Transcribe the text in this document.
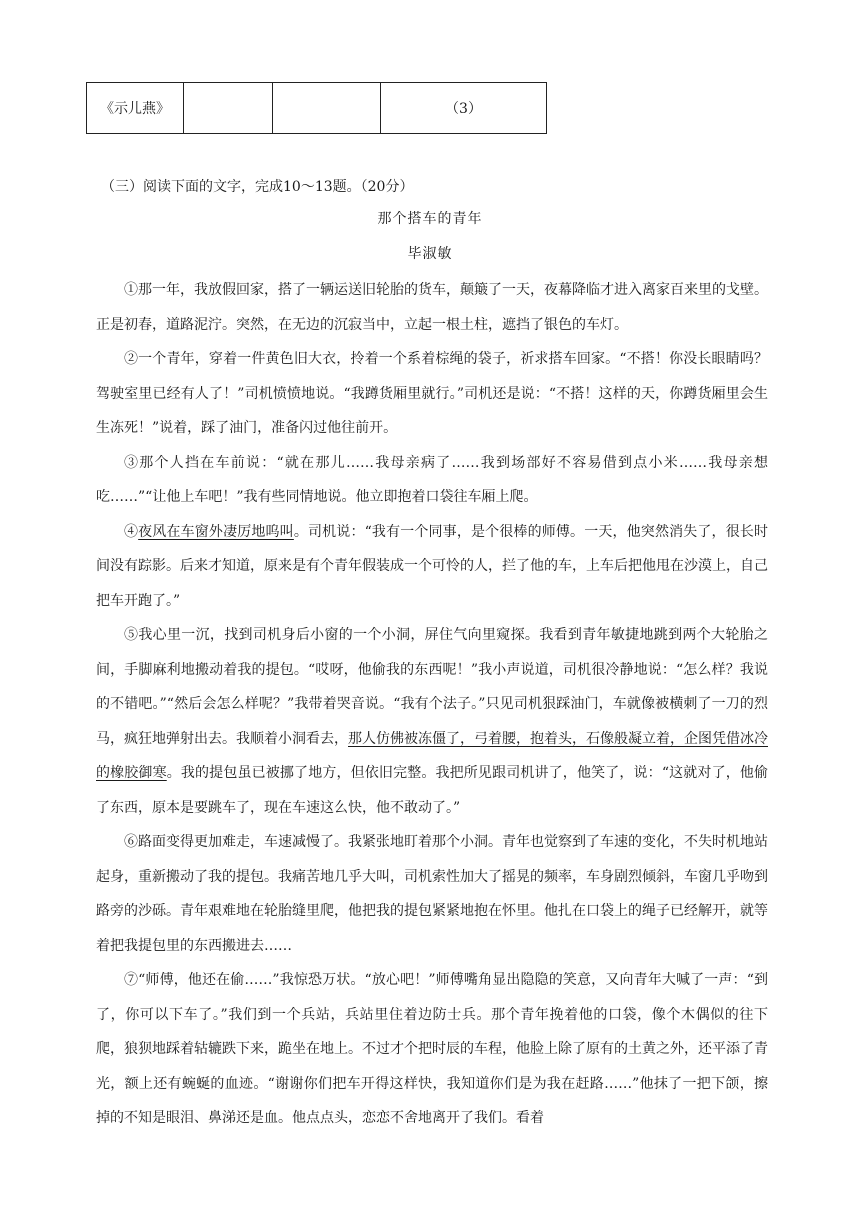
《示儿燕》			（3）
（三）阅读下面的文字，完成10～13题。（20分）
那个搭车的青年
毕淑敏

①那一年，我放假回家，搭了一辆运送旧轮胎的货车，颠簸了一天，夜幕降临才进入离家百来里的戈壁。正是初春，道路泥泞。突然，在无边的沉寂当中，立起一根土柱，遮挡了银色的车灯。

②一个青年，穿着一件黄色旧大衣，拎着一个系着棕绳的袋子，祈求搭车回家。“不搭！你没长眼睛吗？驾驶室里已经有人了！”司机愤愤地说。“我蹲货厢里就行。”司机还是说：“不搭！这样的天，你蹲货厢里会生生冻死！”说着，踩了油门，准备闪过他往前开。

③那个人挡在车前说：“就在那儿……我母亲病了……我到场部好不容易借到点小米……我母亲想吃……”“让他上车吧！”我有些同情地说。他立即抱着口袋往车厢上爬。

④夜风在车窗外凄厉地呜叫。司机说：“我有一个同事，是个很棒的师傅。一天，他突然消失了，很长时间没有踪影。后来才知道，原来是有个青年假装成一个可怜的人，拦了他的车，上车后把他甩在沙漠上，自己把车开跑了。”

⑤我心里一沉，找到司机身后小窗的一个小洞，屏住气向里窥探。我看到青年敏捷地跳到两个大轮胎之间，手脚麻利地搬动着我的提包。“哎呀，他偷我的东西呢！”我小声说道，司机很冷静地说：“怎么样？我说的不错吧。”“然后会怎么样呢？”我带着哭音说。“我有个法子。”只见司机狠踩油门，车就像被横刺了一刀的烈马，疯狂地弹射出去。我顺着小洞看去，那人仿佛被冻僵了，弓着腰，抱着头，石像般凝立着，企图凭借冰冷的橡胶御寒。我的提包虽已被挪了地方，但依旧完整。我把所见跟司机讲了，他笑了，说：“这就对了，他偷了东西，原本是要跳车了，现在车速这么快，他不敢动了。”

⑥路面变得更加难走，车速减慢了。我紧张地盯着那个小洞。青年也觉察到了车速的变化，不失时机地站起身，重新搬动了我的提包。我痛苦地几乎大叫，司机索性加大了摇晃的频率，车身剧烈倾斜，车窗几乎吻到路旁的沙砾。青年艰难地在轮胎缝里爬，他把我的提包紧紧地抱在怀里。他扎在口袋上的绳子已经解开，就等着把我提包里的东西搬进去……

⑦“师傅，他还在偷……”我惊恐万状。“放心吧！”师傅嘴角显出隐隐的笑意，又向青年大喊了一声：“到了，你可以下车了。”我们到一个兵站，兵站里住着边防士兵。那个青年挽着他的口袋，像个木偶似的往下爬，狼狈地踩着轱辘跌下来，跪坐在地上。不过才个把时辰的车程，他脸上除了原有的土黄之外，还平添了青光，额上还有蜿蜒的血迹。“谢谢你们把车开得这样快，我知道你们是为我在赶路……”他抹了一把下颌，擦掉的不知是眼泪、鼻涕还是血。他点点头，恋恋不舍地离开了我们。看着
